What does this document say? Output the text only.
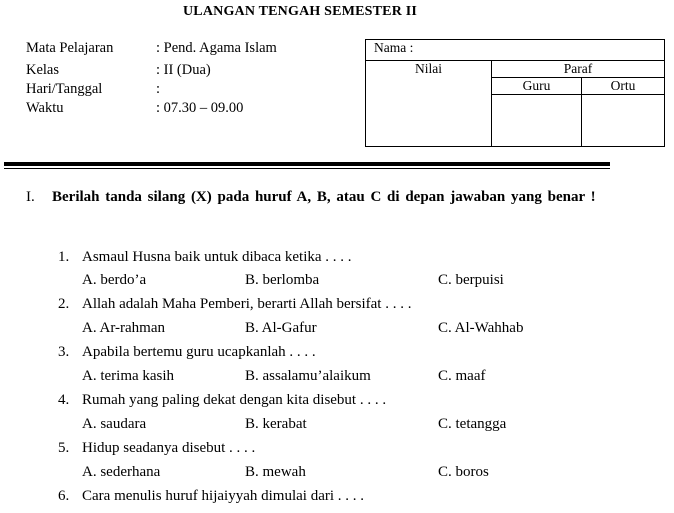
ULANGAN TENGAH SEMESTER II
Mata Pelajaran	: Pend. Agama Islam
Kelas	: II (Dua)
Hari/Tanggal	:
Waktu	: 07.30 – 09.00
Nama :		
Nilai	Paraf	
	Guru	Ortu

I.	Berilah tanda silang (X) pada huruf A, B, atau C di depan jawaban yang benar !
1. Asmaul Husna baik untuk dibaca ketika . . . .
A. berdo’a	B. berlomba	C. berpuisi
2. Allah adalah Maha Pemberi, berarti Allah bersifat . . . .
A. Ar-rahman	B. Al-Gafur	C. Al-Wahhab
3. Apabila bertemu guru ucapkanlah . . . .
A. terima kasih	B. assalamu’alaikum	C. maaf
4. Rumah yang paling dekat dengan kita disebut . . . .
A. saudara	B. kerabat	C. tetangga
5. Hidup seadanya disebut . . . .
A. sederhana	B. mewah	C. boros
6. Cara menulis huruf hijaiyyah dimulai dari . . . .
